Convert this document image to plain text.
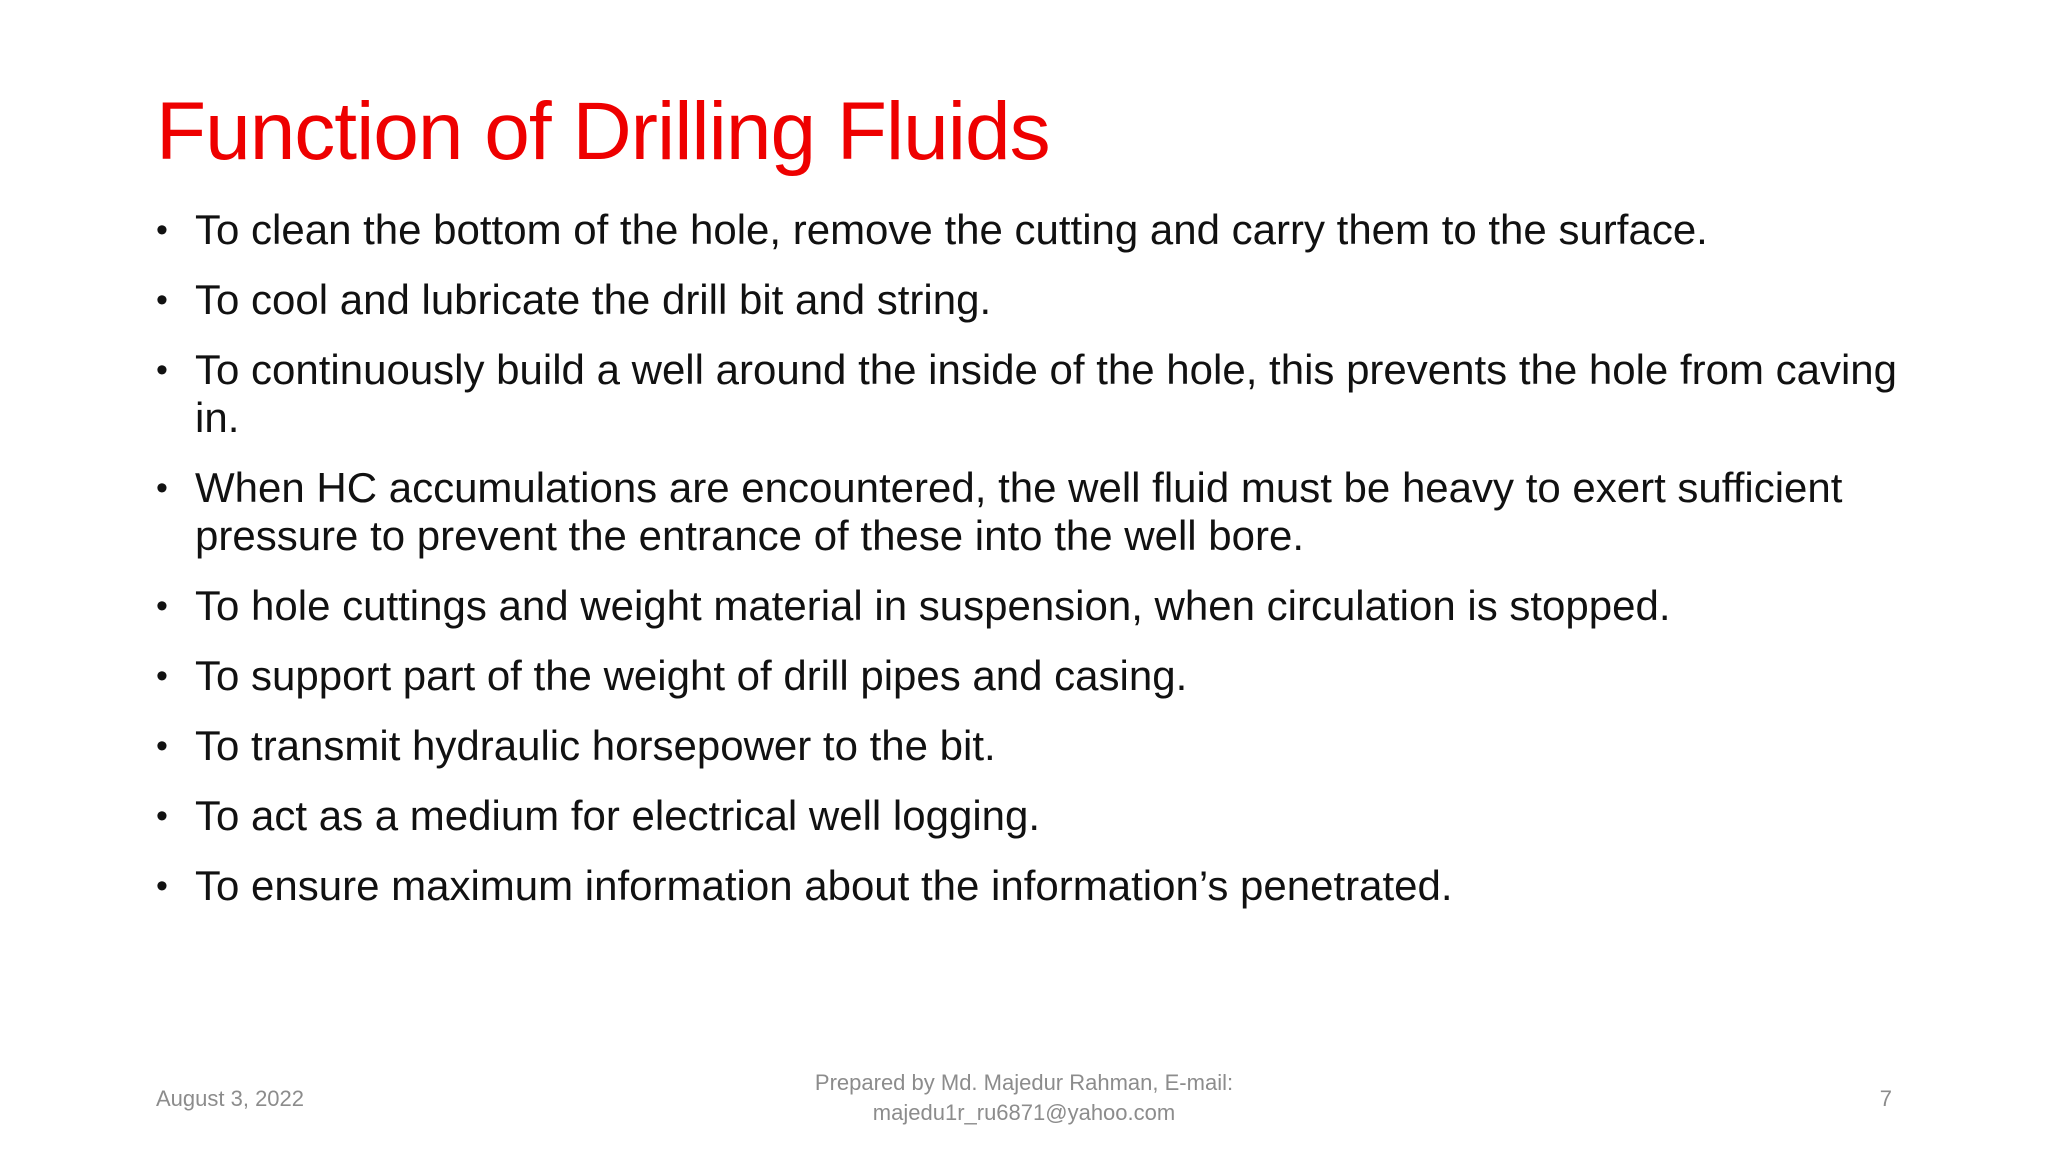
Function of Drilling Fluids
• To clean the bottom of the hole, remove the cutting and carry them to the surface.
• To cool and lubricate the drill bit and string.
• To continuously build a well around the inside of the hole, this prevents the hole from caving in.
• When HC accumulations are encountered, the well fluid must be heavy to exert sufficient pressure to prevent the entrance of these into the well bore.
• To hole cuttings and weight material in suspension, when circulation is stopped.
• To support part of the weight of drill pipes and casing.
• To transmit hydraulic horsepower to the bit.
• To act as a medium for electrical well logging.
• To ensure maximum information about the information’s penetrated.
August 3, 2022
Prepared by Md. Majedur Rahman, E-mail:
majedu1r_ru6871@yahoo.com
7
